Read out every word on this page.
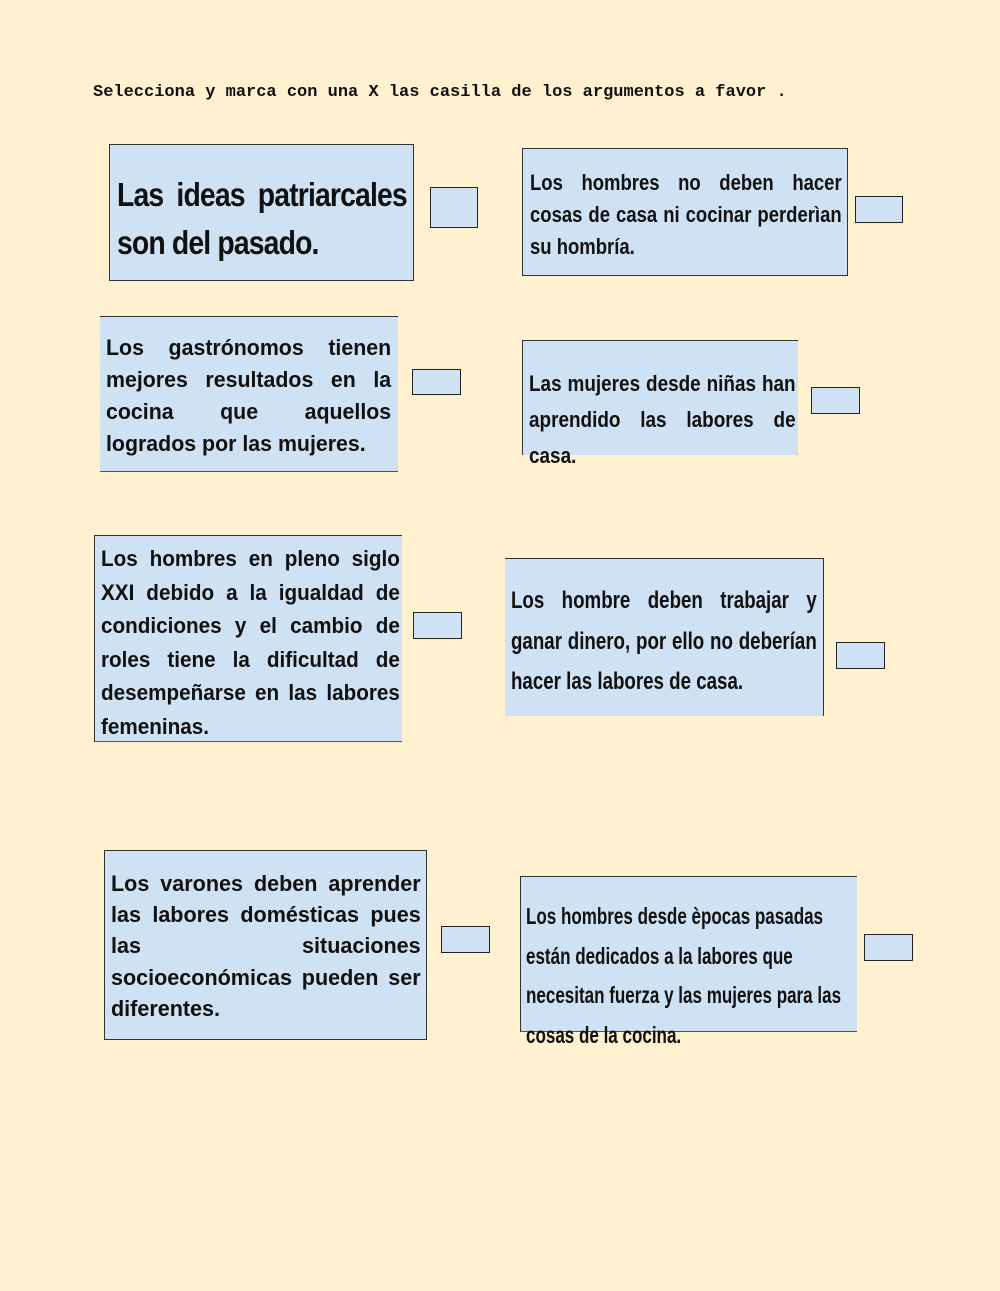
Selecciona y marca con una X las casilla de los argumentos a favor .
Las ideas patriarcales son del pasado.
Los hombres no deben hacer cosas de casa ni cocinar perderìan su hombría.
Los gastrónomos tienen mejores resultados en la cocina que aquellos logrados por las mujeres.
Las mujeres desde niñas han aprendido las labores de casa.
Los hombres en pleno siglo XXI debido a la igualdad de condiciones y el cambio de roles tiene la dificultad de desempeñarse en las labores femeninas.
Los hombre deben trabajar y ganar dinero, por ello no deberían hacer las labores de casa.
Los varones deben aprender las labores domésticas pues las situaciones socioeconómicas pueden ser diferentes.
Los hombres desde èpocas pasadas están dedicados a la labores que necesitan fuerza y las mujeres para las cosas de la cocina.
